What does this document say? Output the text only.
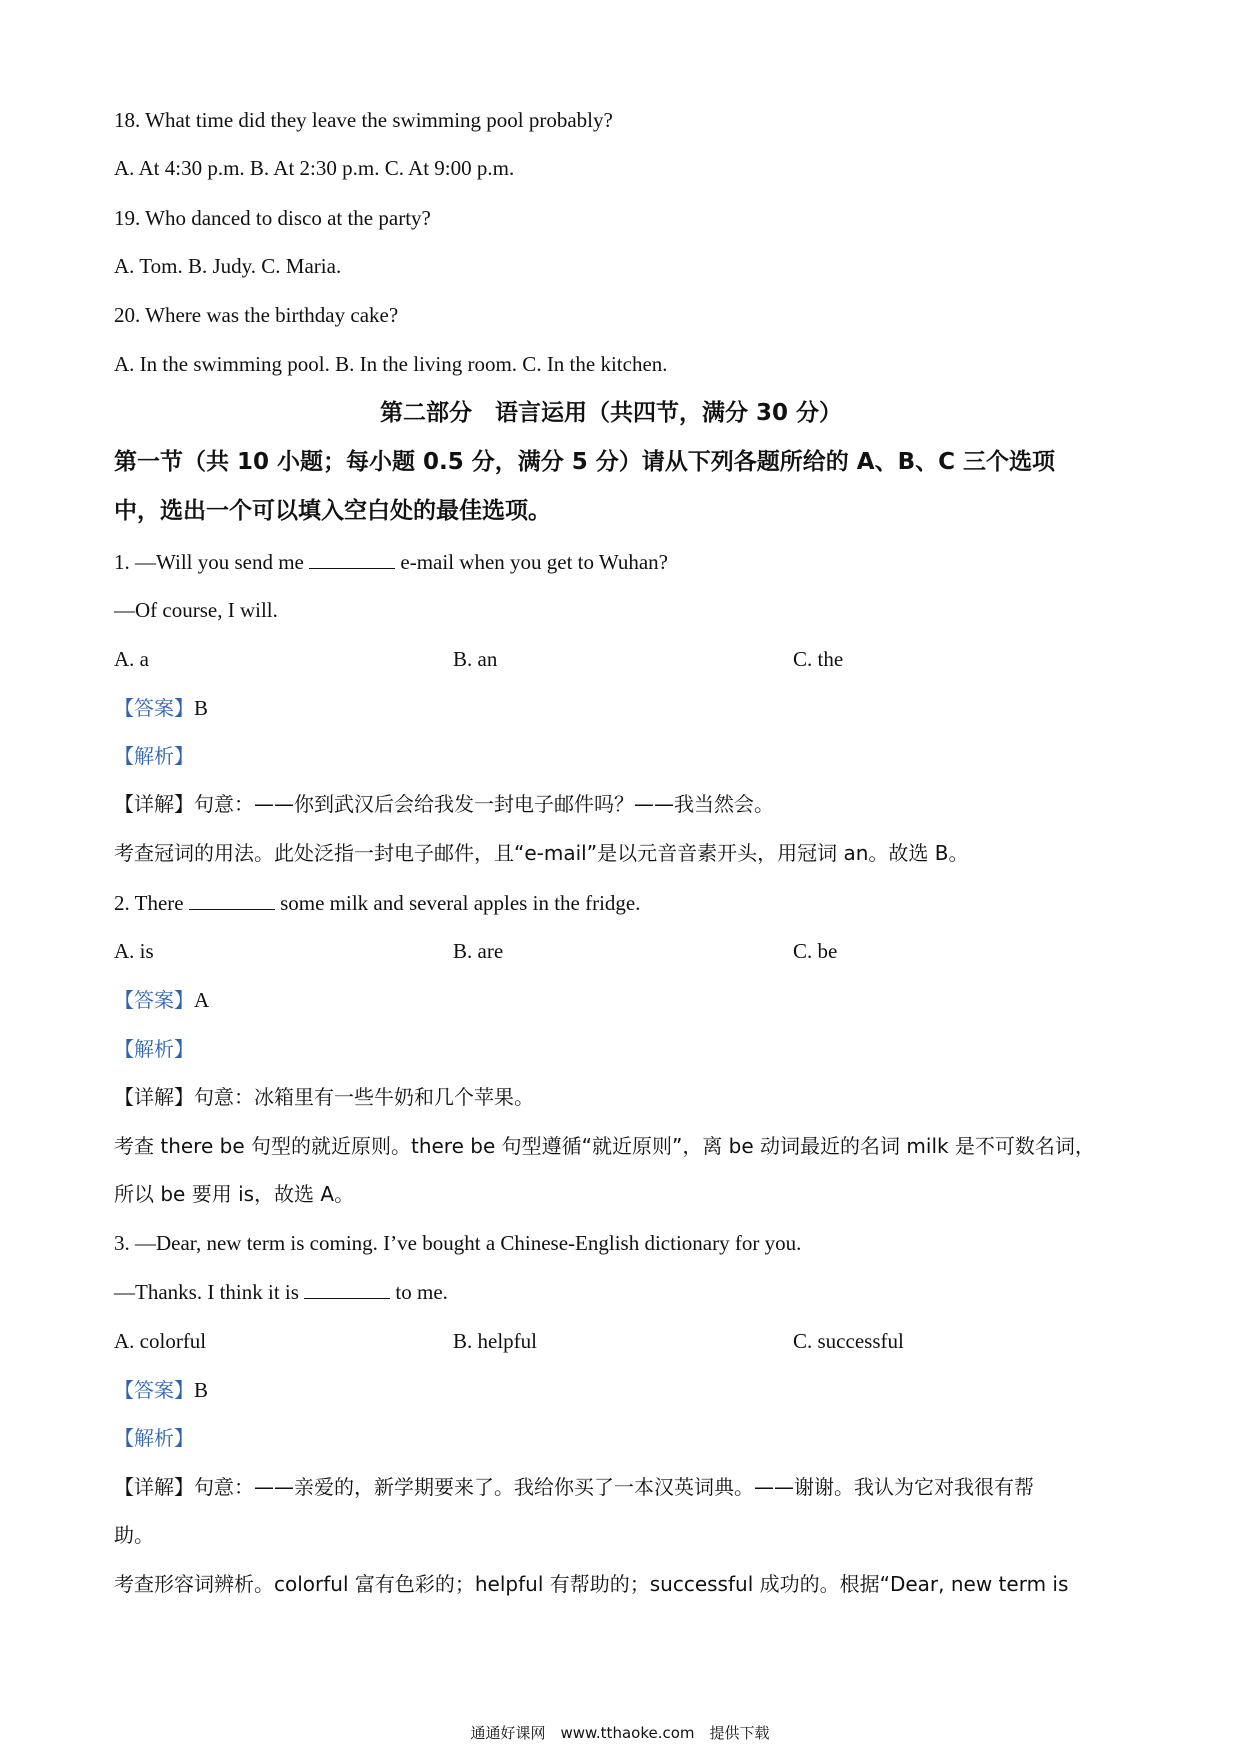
18. What time did they leave the swimming pool probably?
A. At 4:30 p.m. B. At 2:30 p.m. C. At 9:00 p.m.
19. Who danced to disco at the party?
A. Tom. B. Judy. C. Maria.
20. Where was the birthday cake?
A. In the swimming pool. B. In the living room. C. In the kitchen.
第二部分　语言运用（共四节，满分 30 分）
第一节（共 10 小题；每小题 0.5 分，满分 5 分）请从下列各题所给的 A、B、C 三个选项
中，选出一个可以填入空白处的最佳选项。
1. —Will you send me	e-mail when you get to Wuhan?
—Of course, I will.
A. a	B. an	C. the
【答案】B
【解析】
【详解】句意：——你到武汉后会给我发一封电子邮件吗？——我当然会。
考查冠词的用法。此处泛指一封电子邮件，且“e-mail”是以元音音素开头，用冠词 an。故选 B。
2. There	some milk and several apples in the fridge.
A. is	B. are	C. be
【答案】A
【解析】
【详解】句意：冰箱里有一些牛奶和几个苹果。
考查 there be 句型的就近原则。there be 句型遵循“就近原则”，离 be 动词最近的名词 milk 是不可数名词，
所以 be 要用 is，故选 A。
3. —Dear, new term is coming. I’ve bought a Chinese-English dictionary for you.
—Thanks. I think it is	to me.
A. colorful	B. helpful	C. successful
【答案】B
【解析】
【详解】句意：——亲爱的，新学期要来了。我给你买了一本汉英词典。——谢谢。我认为它对我很有帮
助。
考查形容词辨析。colorful 富有色彩的；helpful 有帮助的；successful 成功的。根据“Dear, new term is
通通好课网　www.tthaoke.com　提供下载
